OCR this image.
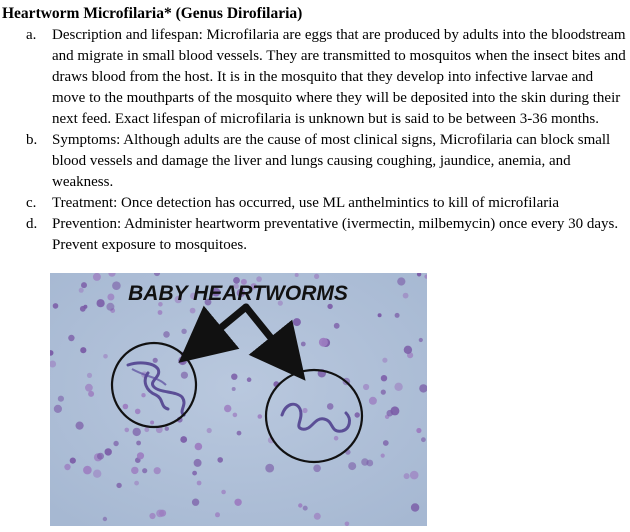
Heartworm Microfilaria* (Genus Dirofilaria)
a. Description and lifespan: Microfilaria are eggs that are produced by adults into the bloodstream and migrate in small blood vessels. They are transmitted to mosquitos when the insect bites and draws blood from the host. It is in the mosquito that they develop into infective larvae and move to the mouthparts of the mosquito where they will be deposited into the skin during their next feed. Exact lifespan of microfilaria is unknown but is said to be between 3-36 months.
b. Symptoms: Although adults are the cause of most clinical signs, Microfilaria can block small blood vessels and damage the liver and lungs causing coughing, jaundice, anemia, and weakness.
c. Treatment: Once detection has occurred, use ML anthelmintics to kill of microfilaria
d. Prevention: Administer heartworm preventative (ivermectin, milbemycin) once every 30 days. Prevent exposure to mosquitoes.
BABY HEARTWORMS
